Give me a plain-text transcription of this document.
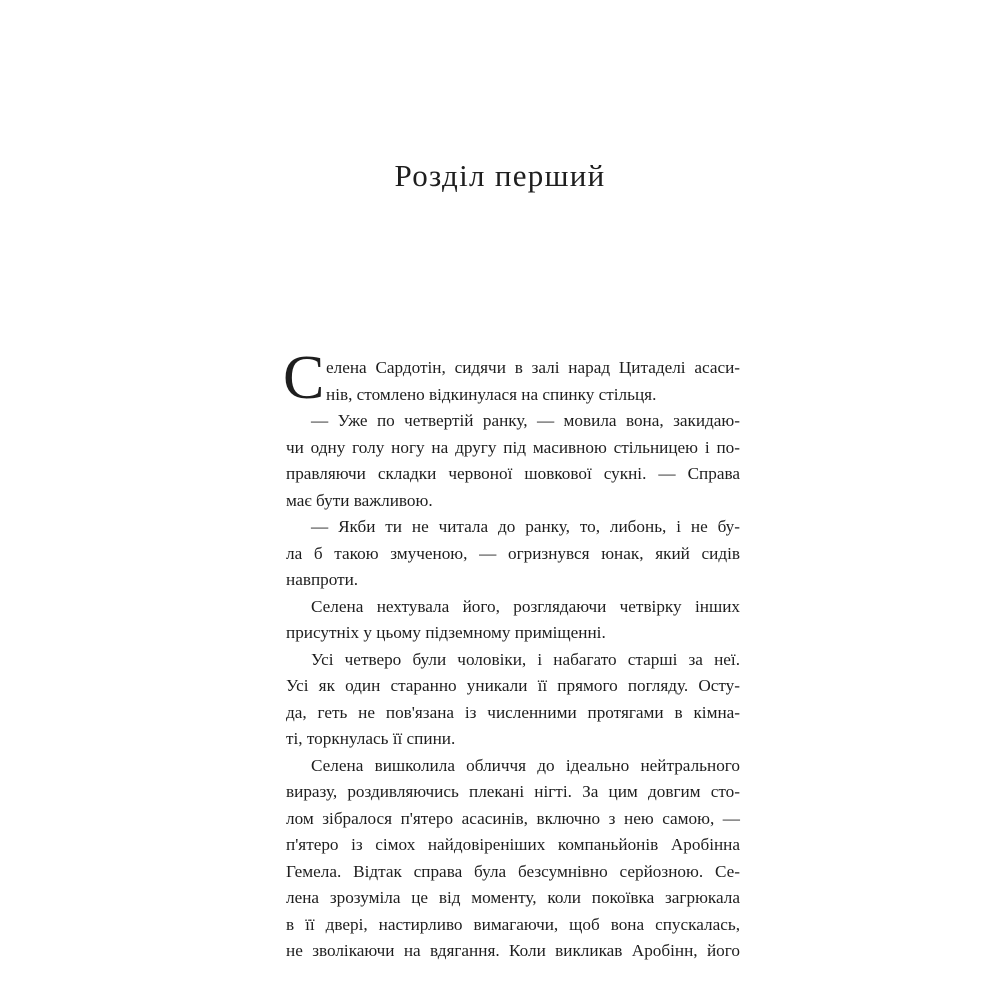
Розділ перший
С елена Сардотін, сидячи в залі нарад Цитаделі асаси-
нів, стомлено відкинулася на спинку стільця.
— Уже по четвертій ранку, — мовила вона, закидаю-
чи одну голу ногу на другу під масивною стільницею і по-
правляючи складки червоної шовкової сукні. — Справа
має бути важливою.
— Якби ти не читала до ранку, то, либонь, і не бу-
ла б такою змученою, — огризнувся юнак, який сидів
навпроти.
Селена нехтувала його, розглядаючи четвірку інших
присутніх у цьому підземному приміщенні.
Усі четверо були чоловіки, і набагато старші за неї.
Усі як один старанно уникали її прямого погляду. Осту-
да, геть не пов'язана із численними протягами в кімна-
ті, торкнулась її спини.
Селена вишколила обличчя до ідеально нейтрального
виразу, роздивляючись плекані нігті. За цим довгим сто-
лом зібралося п'ятеро асасинів, включно з нею самою, —
п'ятеро із сімох найдовіреніших компаньйонів Аробінна
Гемела. Відтак справа була безсумнівно серйозною. Се-
лена зрозуміла це від моменту, коли покоївка загрюкала
в її двері, настирливо вимагаючи, щоб вона спускалась,
не зволікаючи на вдягання. Коли викликав Аробінн, його
